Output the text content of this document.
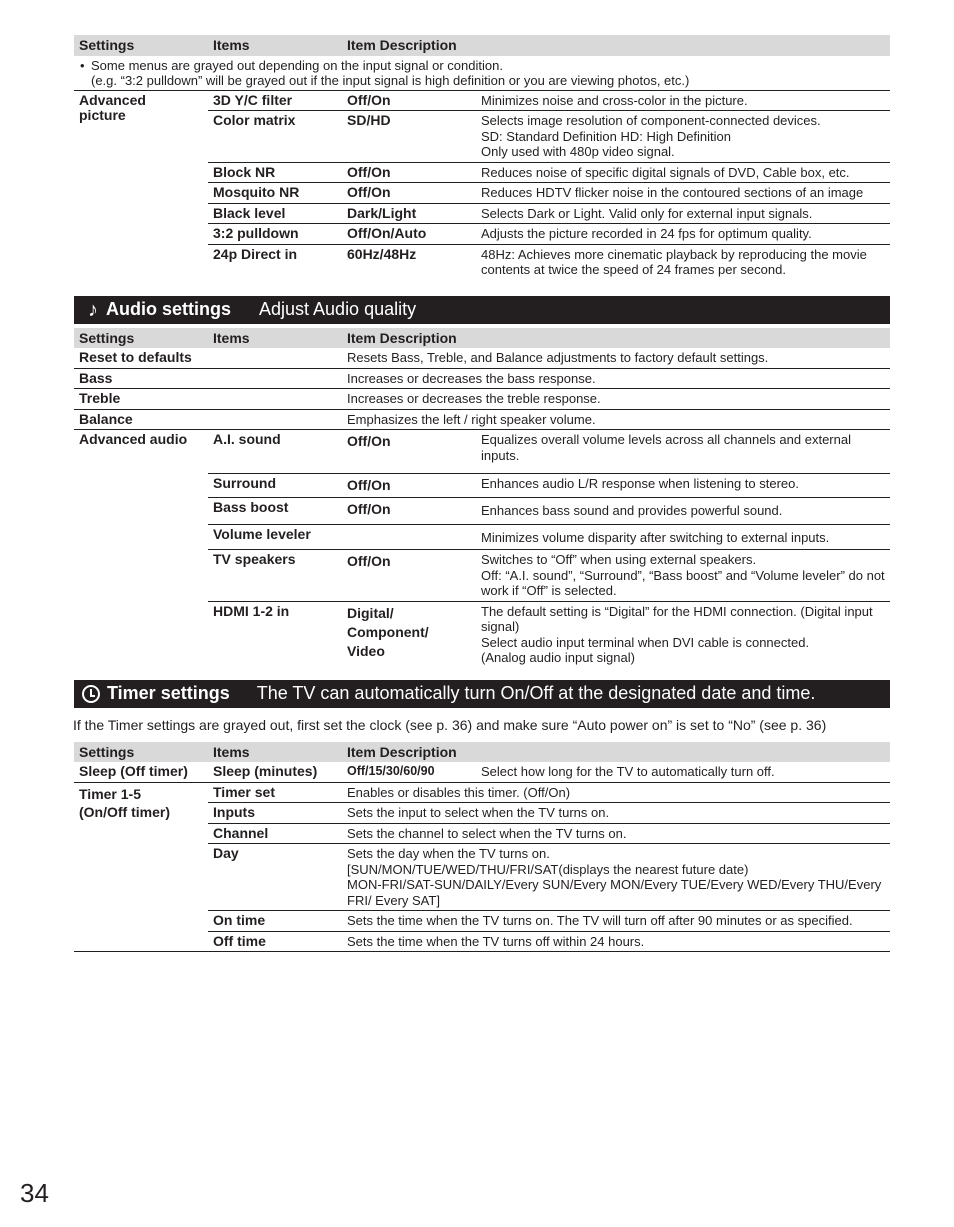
Settings	Items	Item Description	

• Some menus are grayed out depending on the input signal or condition.
(e.g. “3:2 pulldown” will be grayed out if the input signal is high definition or you are viewing photos, etc.)			

Advanced
picture	3D Y/C filter	Off/On	Minimizes noise and cross-color in the picture.
	Color matrix	SD/HD	Selects image resolution of component-connected devices.
SD: Standard Definition HD: High Definition
Only used with 480p video signal.
	Block NR	Off/On	Reduces noise of specific digital signals of DVD, Cable box, etc.
	Mosquito NR	Off/On	Reduces HDTV flicker noise in the contoured sections of an image
	Black level	Dark/Light	Selects Dark or Light. Valid only for external input signals.
	3:2 pulldown	Off/On/Auto	Adjusts the picture recorded in 24 fps for optimum quality.
	24p Direct in	60Hz/48Hz	48Hz: Achieves more cinematic playback by reproducing the movie contents at twice the speed of 24 frames per second.
♪ Audio settings Adjust Audio quality
Settings	Items	Item Description	
Reset to defaults		Resets Bass, Treble, and Balance adjustments to factory default settings.	
Bass		Increases or decreases the bass response.	
Treble		Increases or decreases the treble response.	
Balance		Emphasizes the left / right speaker volume.	
Advanced audio	A.I. sound	Off/On	Equalizes overall volume levels across all channels and external inputs.
	Surround	Off/On	Enhances audio L/R response when listening to stereo.
	Bass boost	Off/On	Enhances bass sound and provides powerful sound.
	Volume leveler		Minimizes volume disparity after switching to external inputs.
	TV speakers	Off/On	Switches to “Off” when using external speakers.
Off: “A.I. sound”, “Surround”, “Bass boost” and “Volume leveler” do not work if “Off” is selected.
	HDMI 1-2 in	Digital/
Component/
Video	The default setting is “Digital” for the HDMI connection. (Digital input signal)
Select audio input terminal when DVI cable is connected.
(Analog audio input signal)
Timer settings The TV can automatically turn On/Off at the designated date and time.
If the Timer settings are grayed out, first set the clock (see p. 36) and make sure “Auto power on” is set to “No” (see p. 36)
Settings	Items	Item Description	
Sleep (Off timer)	Sleep (minutes)	Off/15/30/60/90	Select how long for the TV to automatically turn off.
Timer 1-5
(On/Off timer)	Timer set	Enables or disables this timer. (Off/On)	
	Inputs	Sets the input to select when the TV turns on.	
	Channel	Sets the channel to select when the TV turns on.	
	Day	Sets the day when the TV turns on.
[SUN/MON/TUE/WED/THU/FRI/SAT(displays the nearest future date)
MON-FRI/SAT-SUN/DAILY/Every SUN/Every MON/Every TUE/Every WED/Every THU/Every FRI/ Every SAT]	
	On time	Sets the time when the TV turns on. The TV will turn off after 90 minutes or as specified.	
	Off time	Sets the time when the TV turns off within 24 hours.	
34
